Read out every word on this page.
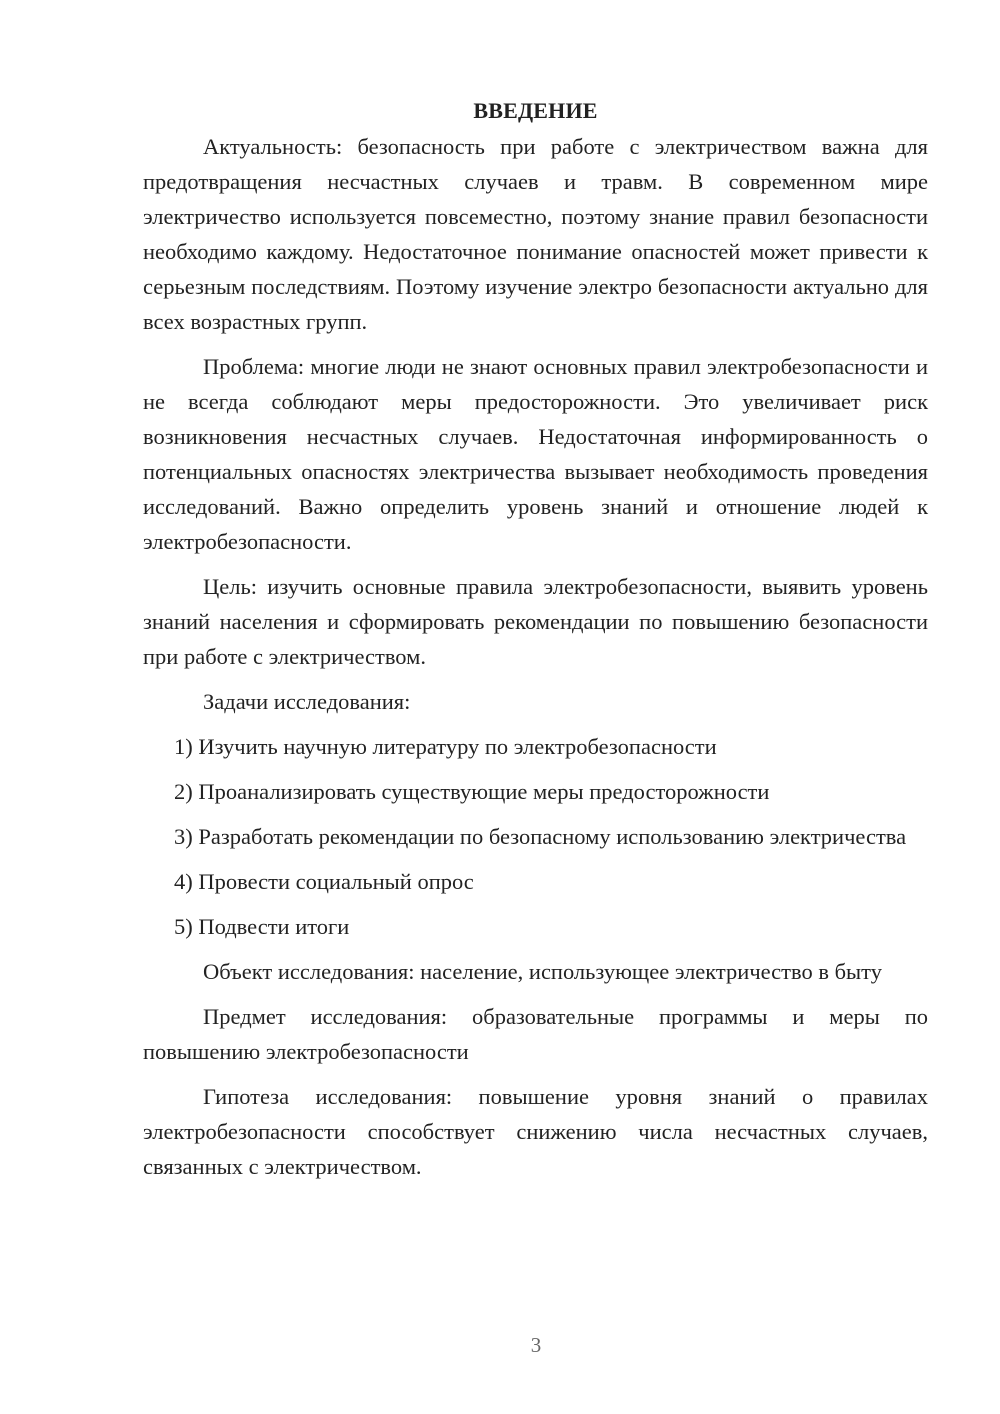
ВВЕДЕНИЕ

Актуальность: безопасность при работе с электричеством важна для предотвращения несчастных случаев и травм. В современном мире электричество используется повсеместно, поэтому знание правил безопасности необходимо каждому. Недостаточное понимание опасностей может привести к серьезным последствиям. Поэтому изучение электро безопасности актуально для всех возрастных групп.

Проблема: многие люди не знают основных правил электробезопасности и не всегда соблюдают меры предосторожности. Это увеличивает риск возникновения несчастных случаев. Недостаточная информированность о потенциальных опасностях электричества вызывает необходимость проведения исследований. Важно определить уровень знаний и отношение людей к электробезопасности.

Цель: изучить основные правила электробезопасности, выявить уровень знаний населения и сформировать рекомендации по повышению безопасности при работе с электричеством.

Задачи исследования:

1) Изучить научную литературу по электробезопасности

2) Проанализировать существующие меры предосторожности

3) Разработать рекомендации по безопасному использованию электричества

4) Провести социальный опрос

5) Подвести итоги

Объект исследования: население, использующее электричество в быту

Предмет исследования: образовательные программы и меры по повышению электробезопасности

Гипотеза исследования: повышение уровня знаний о правилах электробезопасности способствует снижению числа несчастных случаев, связанных с электричеством.

3
